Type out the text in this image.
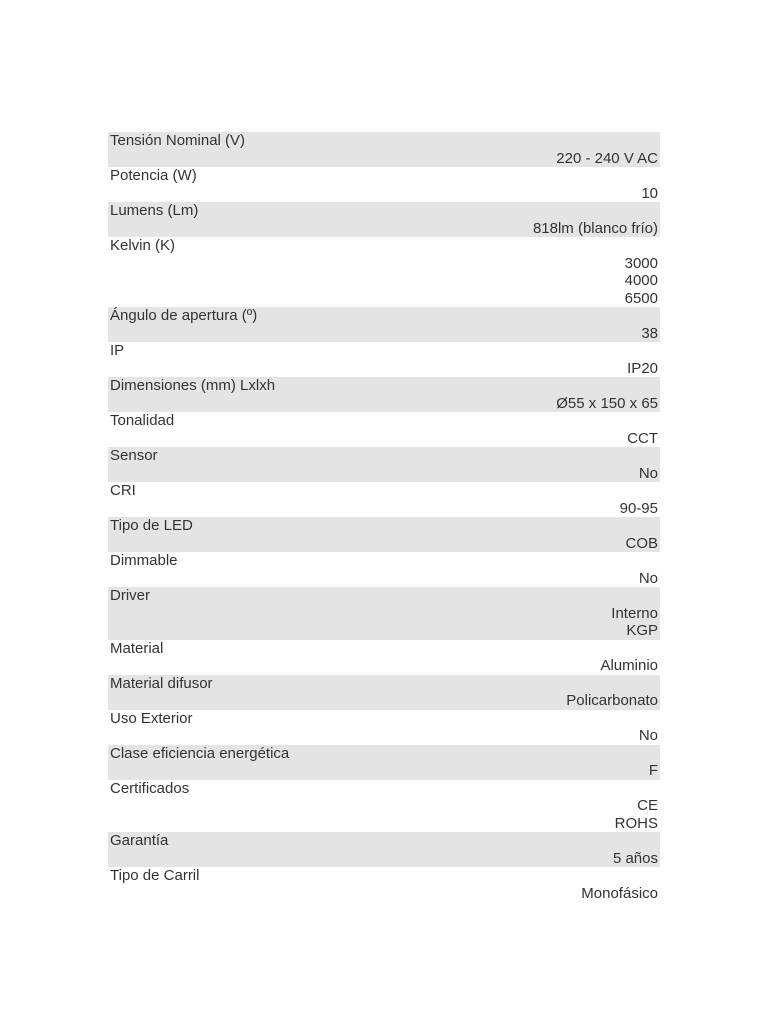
Tensión Nominal (V)
220 - 240 V AC
Potencia (W)
10
Lumens (Lm)
818lm (blanco frío)
Kelvin (K)
3000
4000
6500
Ángulo de apertura (º)
38
IP
IP20
Dimensiones (mm) Lxlxh
Ø55 x 150 x 65
Tonalidad
CCT
Sensor
No
CRI
90-95
Tipo de LED
COB
Dimmable
No
Driver
Interno
KGP
Material
Aluminio
Material difusor
Policarbonato
Uso Exterior
No
Clase eficiencia energética
F
Certificados
CE
ROHS
Garantía
5 años
Tipo de Carril
Monofásico
